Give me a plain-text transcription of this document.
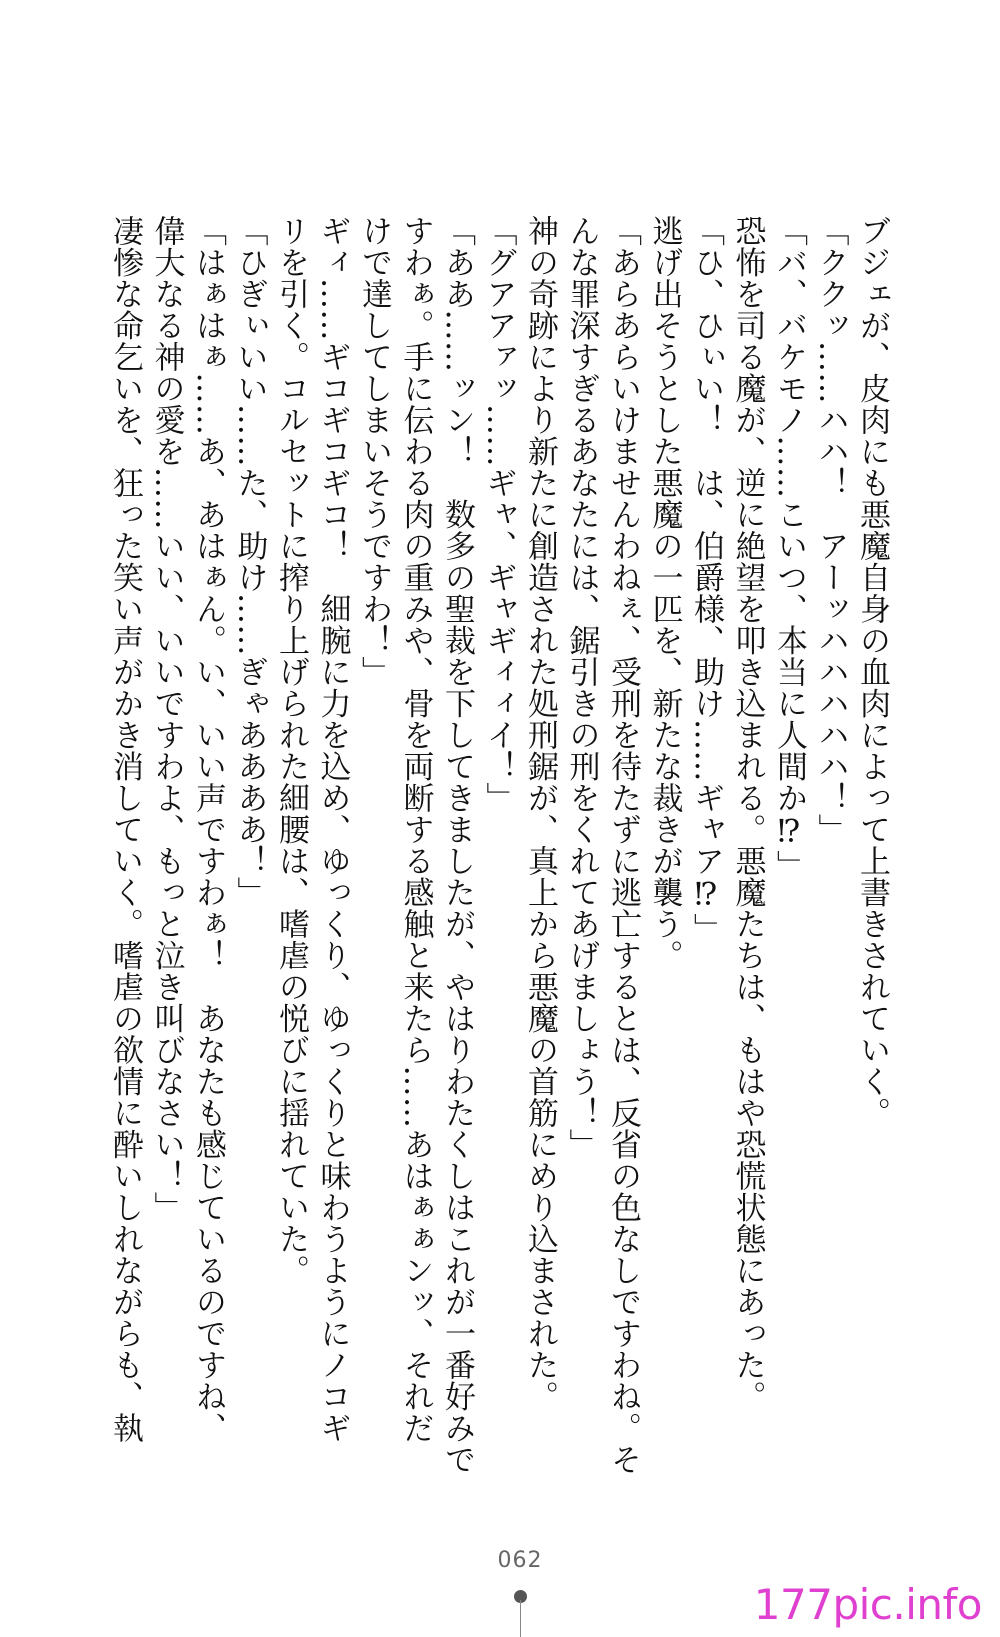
ブジェが、皮肉にも悪魔自身の血肉によって上書きされていく。
「ククッ……ハハ！　アーッハハハハハ！」
「バ、バケモノ……こいつ、本当に人間か⁉」
恐怖を司る魔が、逆に絶望を叩き込まれる。悪魔たちは、もはや恐慌状態にあった。
「ひ、ひぃい！　は、伯爵様、助け……ギャア⁉」
逃げ出そうとした悪魔の一匹を、新たな裁きが襲う。
「あらあらいけませんわねぇ、受刑を待たずに逃亡するとは、反省の色なしですわね。そ
んな罪深すぎるあなたには、鋸引きの刑をくれてあげましょう！」
神の奇跡により新たに創造された処刑鋸が、真上から悪魔の首筋にめり込まされた。
「グアアァッ……ギャ、ギャギィィイ！」
「ああ……ッン！　数多の聖裁を下してきましたが、やはりわたくしはこれが一番好みで
すわぁ。手に伝わる肉の重みや、骨を両断する感触と来たら……あはぁぁンッ、それだ
けで達してしまいそうですわ！」
ギィ……ギコギコギコ！　細腕に力を込め、ゆっくり、ゆっくりと味わうようにノコギ
リを引く。コルセットに搾り上げられた細腰は、嗜虐の悦びに揺れていた。
「ひぎぃいい……た、助け……ぎゃああああ！」
「はぁはぁ……あ、あはぁん。い、いい声ですわぁ！　あなたも感じているのですね、
偉大なる神の愛を……いい、いいですわよ、もっと泣き叫びなさい！」
凄惨な命乞いを、狂った笑い声がかき消していく。嗜虐の欲情に酔いしれながらも、執
062
177pic.info
